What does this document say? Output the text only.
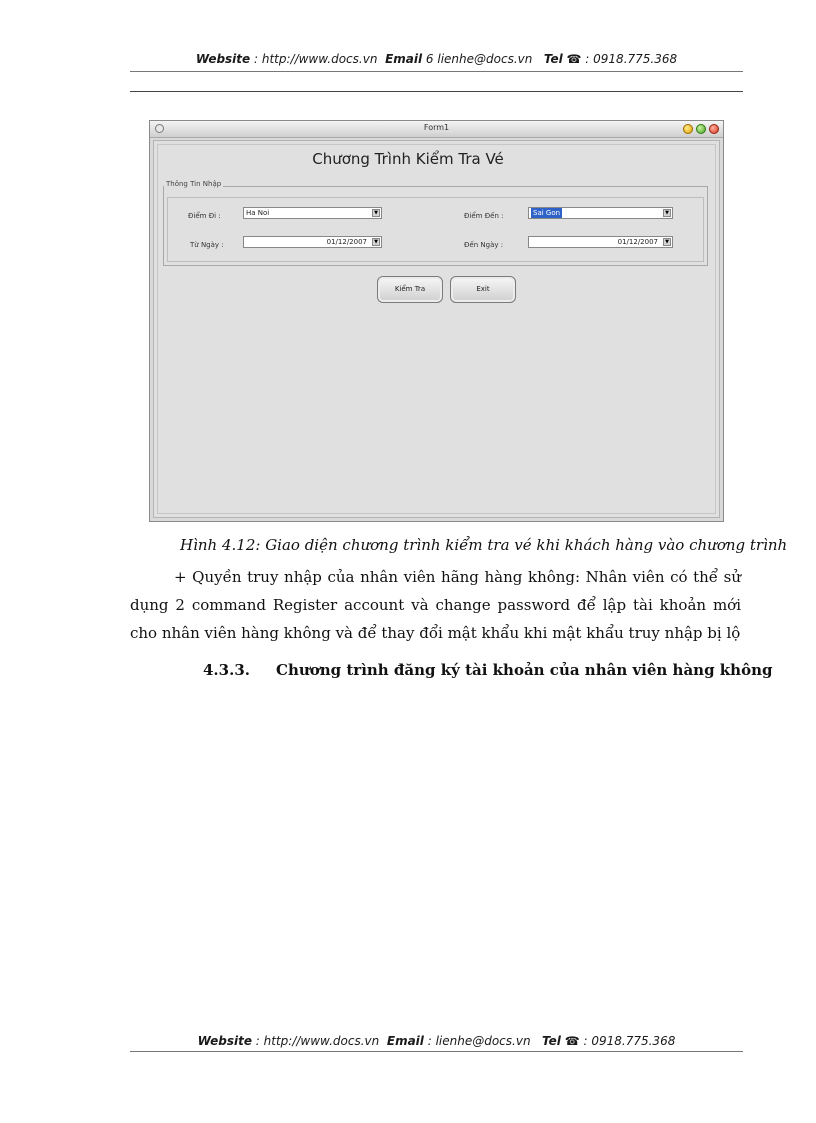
Website : http://www.docs.vn Email 6 lienhe@docs.vn Tel ☎ : 0918.775.368
Form1
Chương Trình Kiểm Tra Vé
Thông Tin Nhập
Điểm Đi :	Ha Noi	▼	Điểm Đến :	Sai Gon	▼
Từ Ngày :	01/12/2007	▼	Đến Ngày :	01/12/2007	▼
Kiểm Tra	Exit
Hình 4.12: Giao diện chương trình kiểm tra vé khi khách hàng vào chương trình
+ Quyền truy nhập của nhân viên hãng hàng không: Nhân viên có thể sử dụng 2 command Register account và change password để lập tài khoản mới cho nhân viên hàng không và để thay đổi mật khẩu khi mật khẩu truy nhập bị lộ
4.3.3. Chương trình đăng ký tài khoản của nhân viên hàng không
Website : http://www.docs.vn Email : lienhe@docs.vn Tel ☎ : 0918.775.368
